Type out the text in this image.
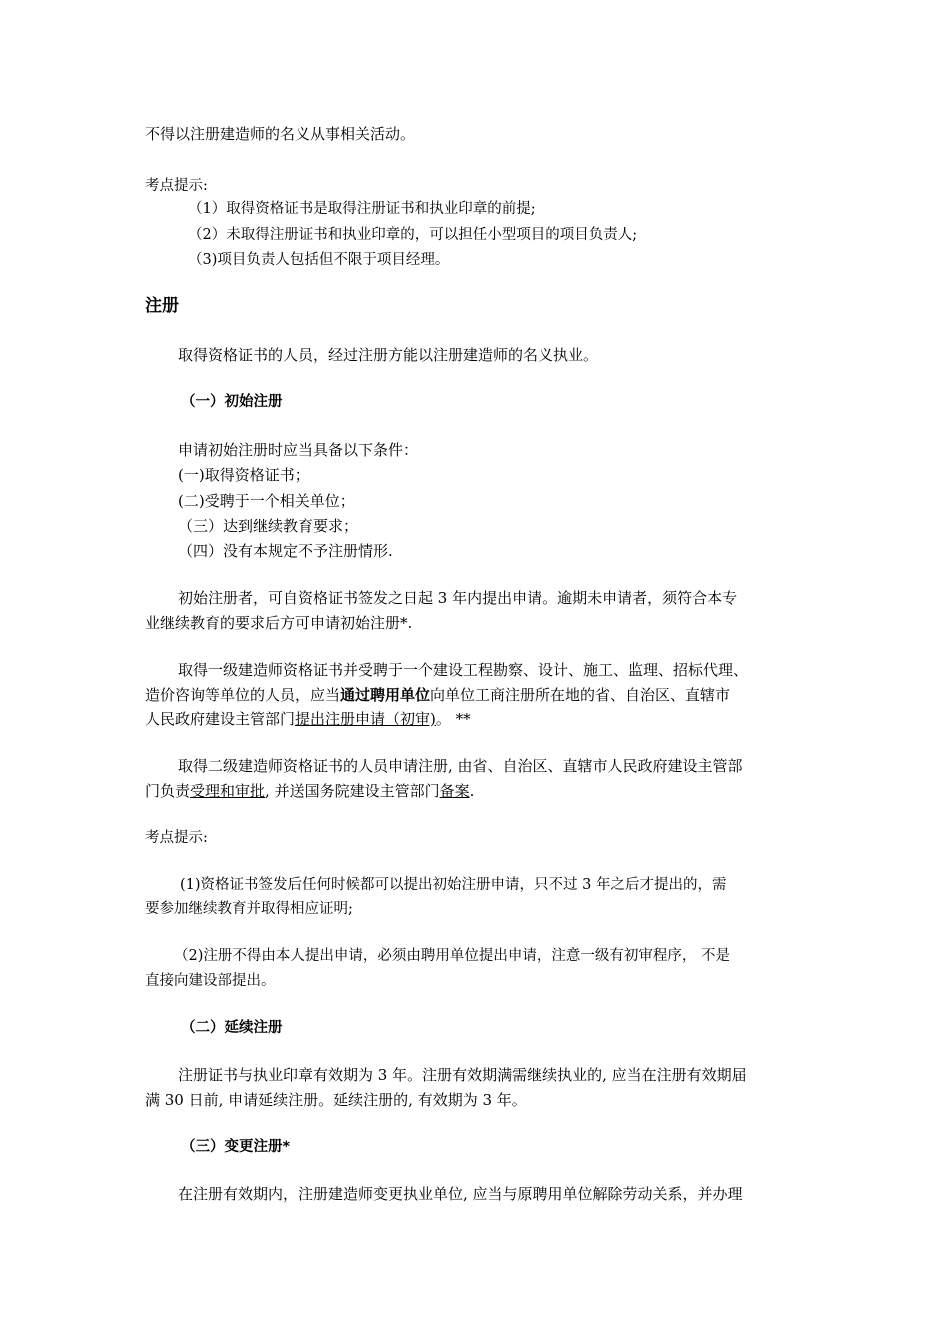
不得以注册建造师的名义从事相关活动。
考点提示:
（1）取得资格证书是取得注册证书和执业印章的前提;
（2）未取得注册证书和执业印章的，可以担任小型项目的项目负责人;
（3)项目负责人包括但不限于项目经理。
注册
取得资格证书的人员，经过注册方能以注册建造师的名义执业。
（一）初始注册
申请初始注册时应当具备以下条件：
(一)取得资格证书；
(二)受聘于一个相关单位；
（三）达到继续教育要求；
（四）没有本规定不予注册情形.
初始注册者，可自资格证书签发之日起 3 年内提出申请。逾期未申请者，须符合本专
业继续教育的要求后方可申请初始注册*.
取得一级建造师资格证书并受聘于一个建设工程勘察、设计、施工、监理、招标代理、
造价咨询等单位的人员，应当通过聘用单位向单位工商注册所在地的省、自治区、直辖市
人民政府建设主管部门提出注册申请（初审)。 **
取得二级建造师资格证书的人员申请注册, 由省、自治区、直辖市人民政府建设主管部
门负责受理和审批, 并送国务院建设主管部门备案.
考点提示:
(1)资格证书签发后任何时候都可以提出初始注册申请，只不过 3 年之后才提出的，需
要参加继续教育并取得相应证明;
（2)注册不得由本人提出申请，必须由聘用单位提出申请，注意一级有初审程序， 不是
直接向建设部提出。
（二）延续注册
注册证书与执业印章有效期为 3 年。注册有效期满需继续执业的, 应当在注册有效期届
满 30 日前, 申请延续注册。延续注册的, 有效期为 3 年。
（三）变更注册*
在注册有效期内，注册建造师变更执业单位, 应当与原聘用单位解除劳动关系，并办理
